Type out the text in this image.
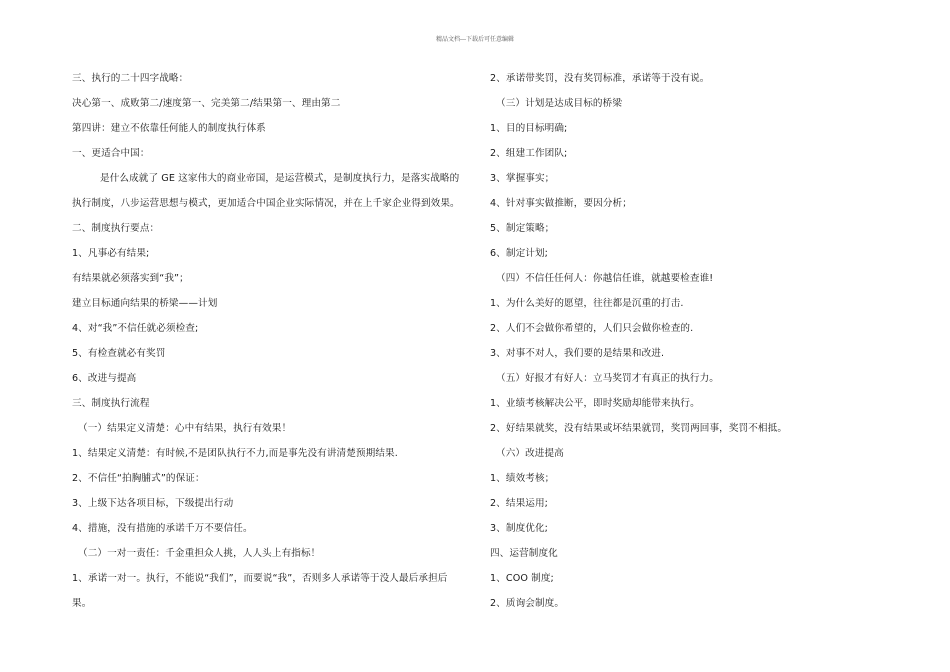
精品文档---下载后可任意编辑
三、执行的二十四字战略：
决心第一、成败第二/速度第一、完美第二/结果第一、理由第二
第四讲：建立不依靠任何能人的制度执行体系
一、更适合中国：
是什么成就了 GE 这家伟大的商业帝国，是运营模式，是制度执行力，是落实战略的
执行制度，八步运营思想与模式，更加适合中国企业实际情况，并在上千家企业得到效果。
二、制度执行要点：
1、凡事必有结果;
有结果就必须落实到“我”；
建立目标通向结果的桥梁——计划
4、对“我”不信任就必须检查;
5、有检查就必有奖罚
6、改进与提高
三、制度执行流程
（一）结果定义清楚：心中有结果，执行有效果！
1、结果定义清楚：有时候,不是团队执行不力,而是事先没有讲清楚预期结果.
2、不信任“拍胸脯式”的保证：
3、上级下达各项目标，下级提出行动
4、措施，没有措施的承诺千万不要信任。
（二）一对一责任：千金重担众人挑，人人头上有指标！
1、承诺一对一。执行，不能说“我们”，而要说“我”，否则多人承诺等于没人最后承担后
果。
2、承诺带奖罚，没有奖罚标准，承诺等于没有说。
（三）计划是达成目标的桥梁
1、目的目标明确;
2、组建工作团队;
3、掌握事实；
4、针对事实做推断，要因分析；
5、制定策略；
6、制定计划;
（四）不信任任何人：你越信任谁，就越要检查谁!
1、为什么美好的愿望，往往都是沉重的打击.
2、人们不会做你希望的，人们只会做你检查的.
3、对事不对人，我们要的是结果和改进.
（五）好报才有好人：立马奖罚才有真正的执行力。
1、业绩考核解决公平，即时奖励却能带来执行。
2、好结果就奖，没有结果或坏结果就罚，奖罚两回事，奖罚不相抵。
（六）改进提高
1、绩效考核；
2、结果运用;
3、制度优化;
四、运营制度化
1、COO 制度;
2、质询会制度。
